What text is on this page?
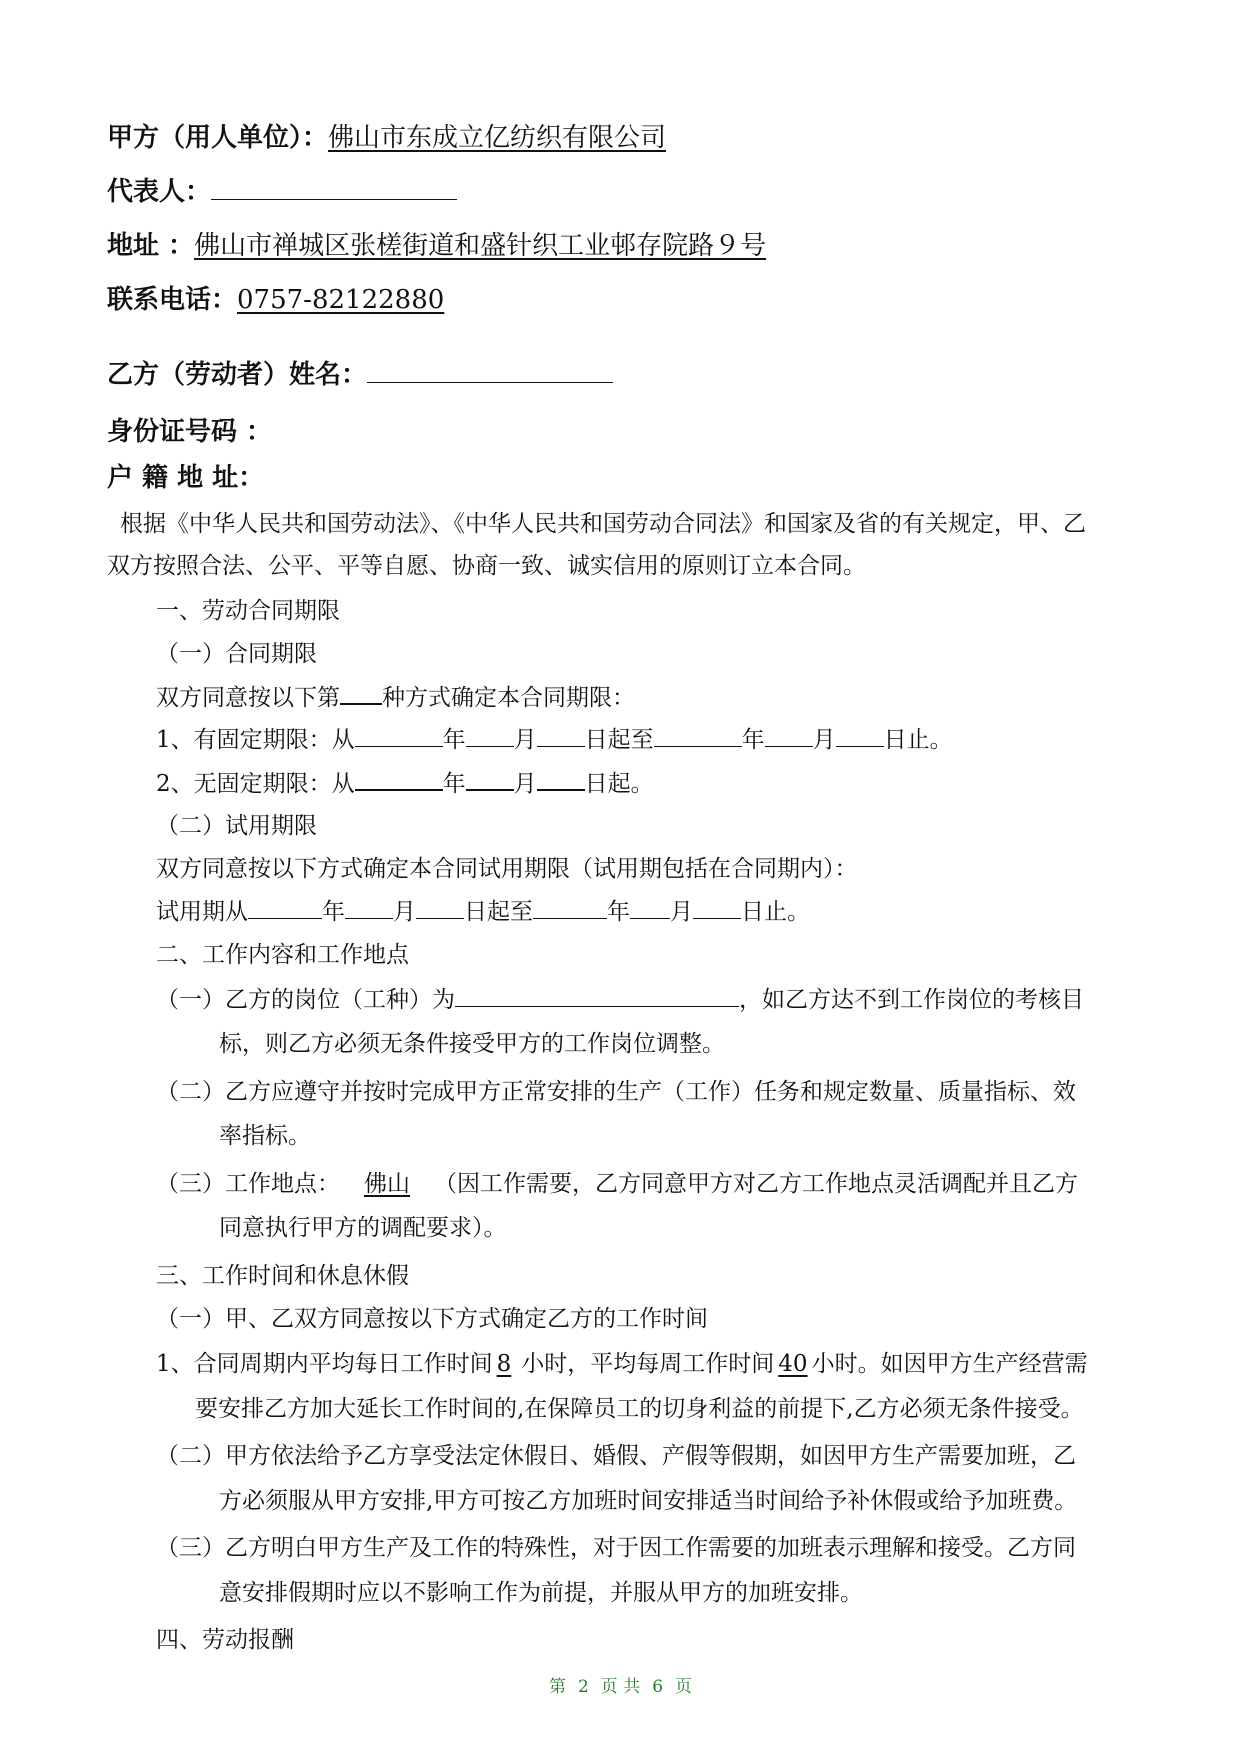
甲方（用人单位）：佛山市东成立亿纺织有限公司
代表人：
地址 ：佛山市禅城区张槎街道和盛针织工业邨存院路９号
联系电话：0757-82122880
乙方（劳动者）姓名：
身份证号码 ：
户 籍 地 址：
根据《中华人民共和国劳动法》、《中华人民共和国劳动合同法》和国家及省的有关规定，甲、乙
双方按照合法、公平、平等自愿、协商一致、诚实信用的原则订立本合同。
一、劳动合同期限
（一）合同期限
双方同意按以下第 种方式确定本合同期限：
1、有固定期限：从	年 月 日起至	年 月 日止。
2、无固定期限：从	年 月 日起。
（二）试用期限
双方同意按以下方式确定本合同试用期限（试用期包括在合同期内）：
试用期从	年 月 日起至	年 月 日止。
二、工作内容和工作地点
（一）乙方的岗位（工种）为	，如乙方达不到工作岗位的考核目
标，则乙方必须无条件接受甲方的工作岗位调整。
（二）乙方应遵守并按时完成甲方正常安排的生产（工作）任务和规定数量、质量指标、效
率指标。
（三）工作地点： 佛山 （因工作需要，乙方同意甲方对乙方工作地点灵活调配并且乙方
同意执行甲方的调配要求）。
三、工作时间和休息休假
（一）甲、乙双方同意按以下方式确定乙方的工作时间
1、合同周期内平均每日工作时间 8 小时，平均每周工作时间 40 小时。如因甲方生产经营需
要安排乙方加大延长工作时间的,在保障员工的切身利益的前提下,乙方必须无条件接受。
（二）甲方依法给予乙方享受法定休假日、婚假、产假等假期，如因甲方生产需要加班，乙
方必须服从甲方安排,甲方可按乙方加班时间安排适当时间给予补休假或给予加班费。
（三）乙方明白甲方生产及工作的特殊性，对于因工作需要的加班表示理解和接受。乙方同
意安排假期时应以不影响工作为前提，并服从甲方的加班安排。
四、劳动报酬
第 2 页 共 6 页
